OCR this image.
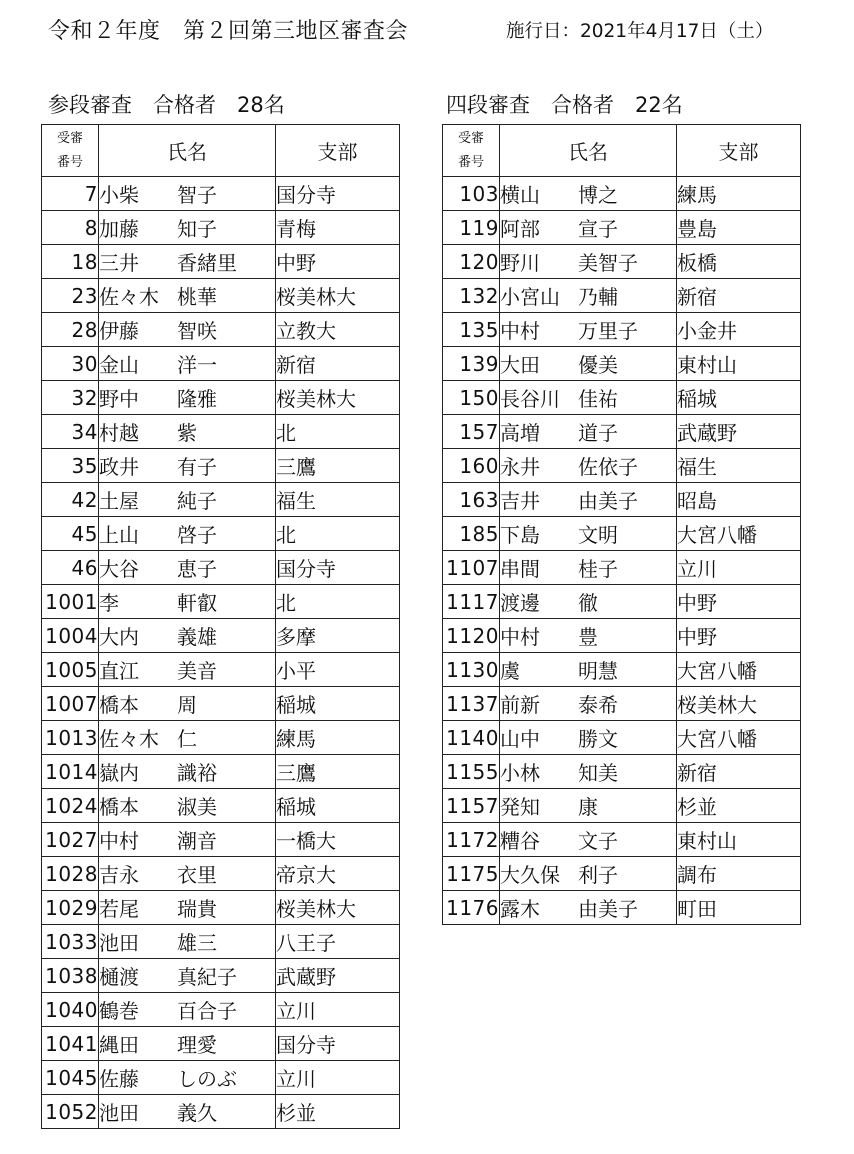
令和２年度　第２回第三地区審査会	施行日：2021年4月17日（土）
参段審査　合格者　28名	四段審査　合格者　22名
受審
番号	氏名	支部
7	小柴 智子	国分寺
8	加藤 知子	青梅
18	三井 香緒里	中野
23	佐々木 桃華	桜美林大
28	伊藤 智咲	立教大
30	金山 洋一	新宿
32	野中 隆雅	桜美林大
34	村越 紫	北
35	政井 有子	三鷹
42	土屋 純子	福生
45	上山 啓子	北
46	大谷 恵子	国分寺
1001	李 軒叡	北
1004	大内 義雄	多摩
1005	直江 美音	小平
1007	橋本 周	稲城
1013	佐々木 仁	練馬
1014	嶽内 識裕	三鷹
1024	橋本 淑美	稲城
1027	中村 潮音	一橋大
1028	吉永 衣里	帝京大
1029	若尾 瑞貴	桜美林大
1033	池田 雄三	八王子
1038	樋渡 真紀子	武蔵野
1040	鶴巻 百合子	立川
1041	縄田 理愛	国分寺
1045	佐藤 しのぶ	立川
1052	池田 義久	杉並
受審
番号	氏名	支部
103	横山 博之	練馬
119	阿部 宣子	豊島
120	野川 美智子	板橋
132	小宮山 乃輔	新宿
135	中村 万里子	小金井
139	大田 優美	東村山
150	長谷川 佳祐	稲城
157	高増 道子	武蔵野
160	永井 佐依子	福生
163	吉井 由美子	昭島
185	下島 文明	大宮八幡
1107	串間 桂子	立川
1117	渡邊 徹	中野
1120	中村 豊	中野
1130	虞 明慧	大宮八幡
1137	前新 泰希	桜美林大
1140	山中 勝文	大宮八幡
1155	小林 知美	新宿
1157	発知 康	杉並
1172	糟谷 文子	東村山
1175	大久保 利子	調布
1176	露木 由美子	町田
